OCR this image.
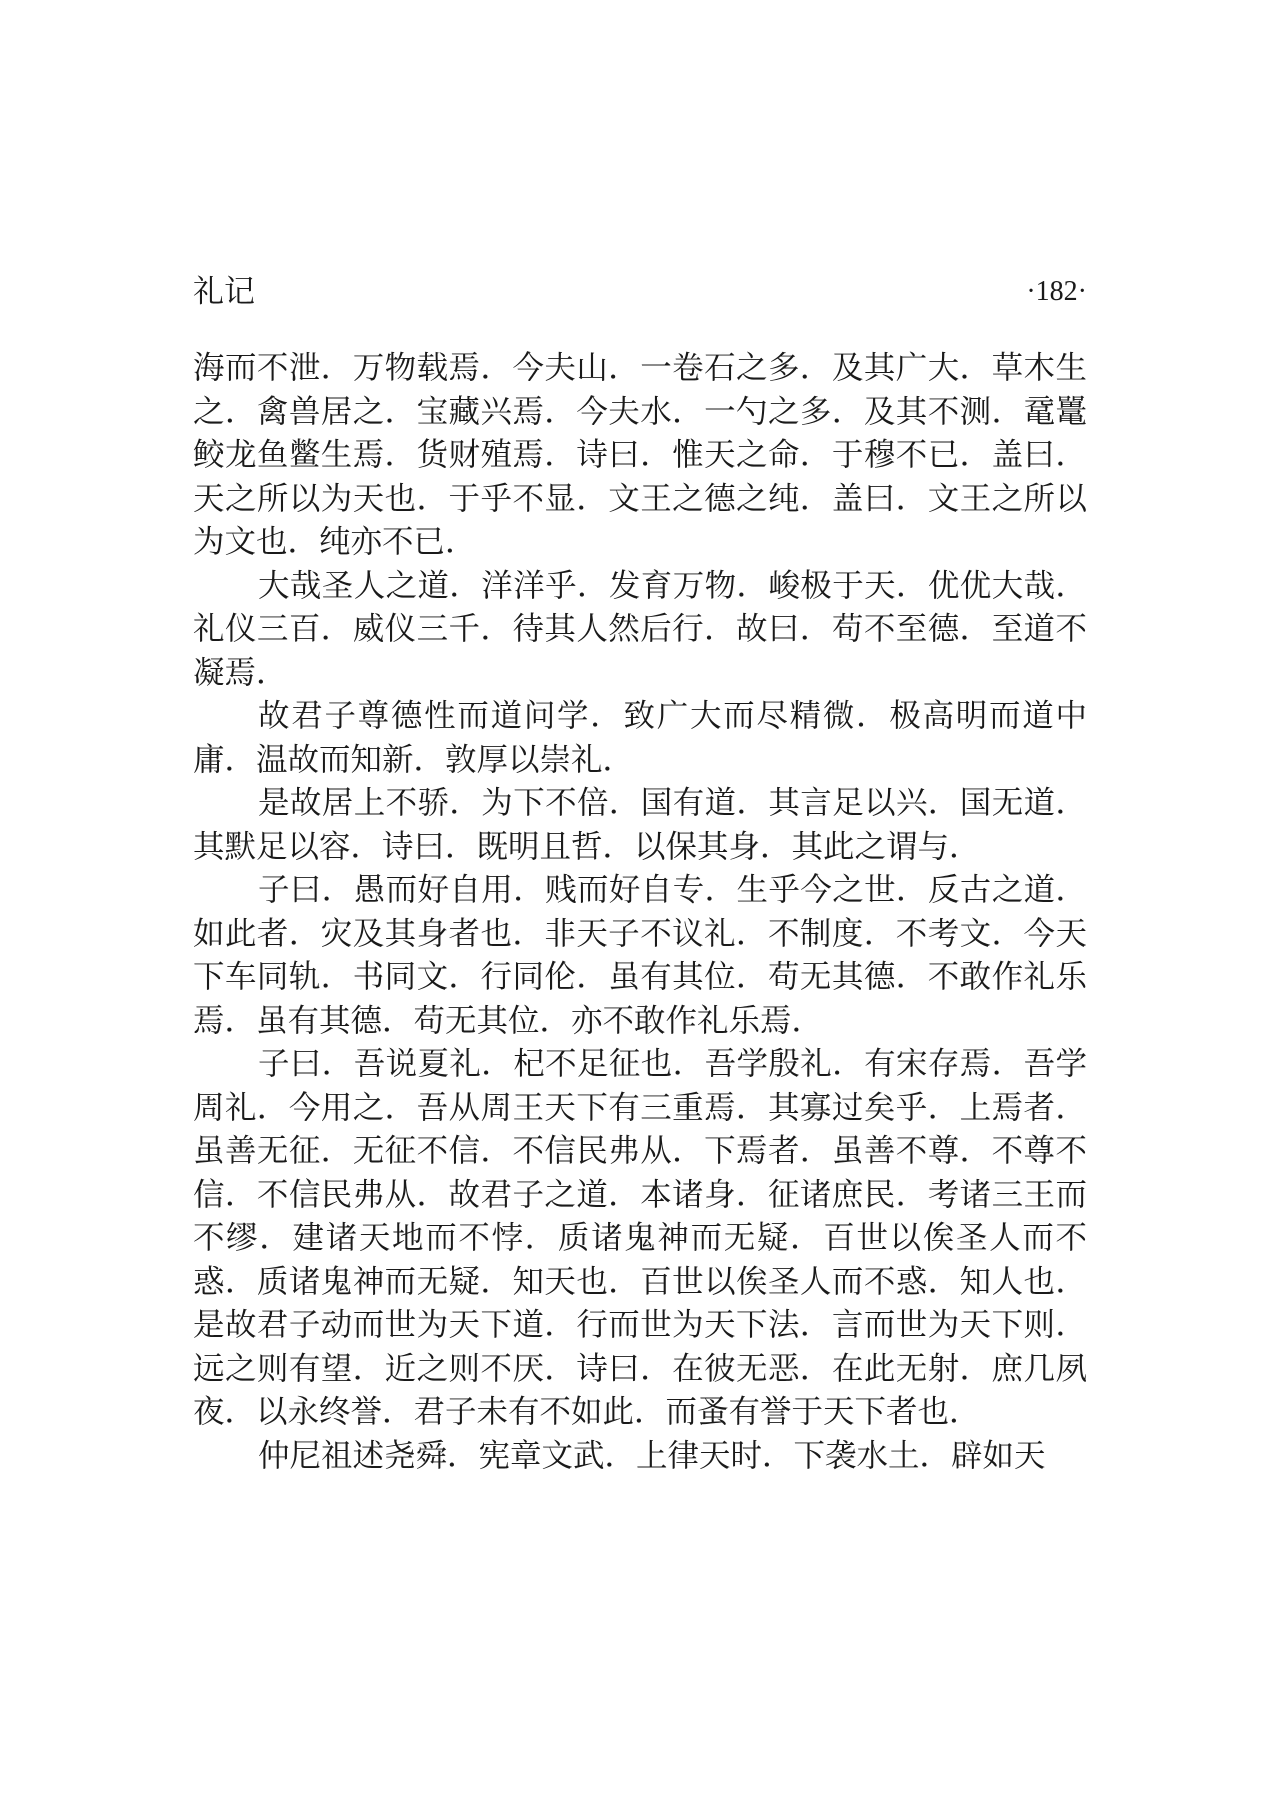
礼记	·182·

海而不泄．万物载焉．今夫山．一卷石之多．及其广大．草木生之．禽兽居之．宝藏兴焉．今夫水．一勺之多．及其不测．鼋鼍鲛龙鱼鳖生焉．货财殖焉．诗曰．惟天之命．于穆不已．盖曰．天之所以为天也．于乎不显．文王之德之纯．盖曰．文王之所以为文也．纯亦不已．

大哉圣人之道．洋洋乎．发育万物．峻极于天．优优大哉．礼仪三百．威仪三千．待其人然后行．故曰．苟不至德．至道不凝焉．

故君子尊德性而道问学．致广大而尽精微．极高明而道中庸．温故而知新．敦厚以崇礼．

是故居上不骄．为下不倍．国有道．其言足以兴．国无道．其默足以容．诗曰．既明且哲．以保其身．其此之谓与．

子曰．愚而好自用．贱而好自专．生乎今之世．反古之道．如此者．灾及其身者也．非天子不议礼．不制度．不考文．今天下车同轨．书同文．行同伦．虽有其位．苟无其德．不敢作礼乐焉．虽有其德．苟无其位．亦不敢作礼乐焉．

子曰．吾说夏礼．杞不足征也．吾学殷礼．有宋存焉．吾学周礼．今用之．吾从周王天下有三重焉．其寡过矣乎．上焉者．虽善无征．无征不信．不信民弗从．下焉者．虽善不尊．不尊不信．不信民弗从．故君子之道．本诸身．征诸庶民．考诸三王而不缪．建诸天地而不悖．质诸鬼神而无疑．百世以俟圣人而不惑．质诸鬼神而无疑．知天也．百世以俟圣人而不惑．知人也．是故君子动而世为天下道．行而世为天下法．言而世为天下则．远之则有望．近之则不厌．诗曰．在彼无恶．在此无射．庶几夙夜．以永终誉．君子未有不如此．而蚤有誉于天下者也．

仲尼祖述尧舜．宪章文武．上律天时．下袭水土．辟如天
